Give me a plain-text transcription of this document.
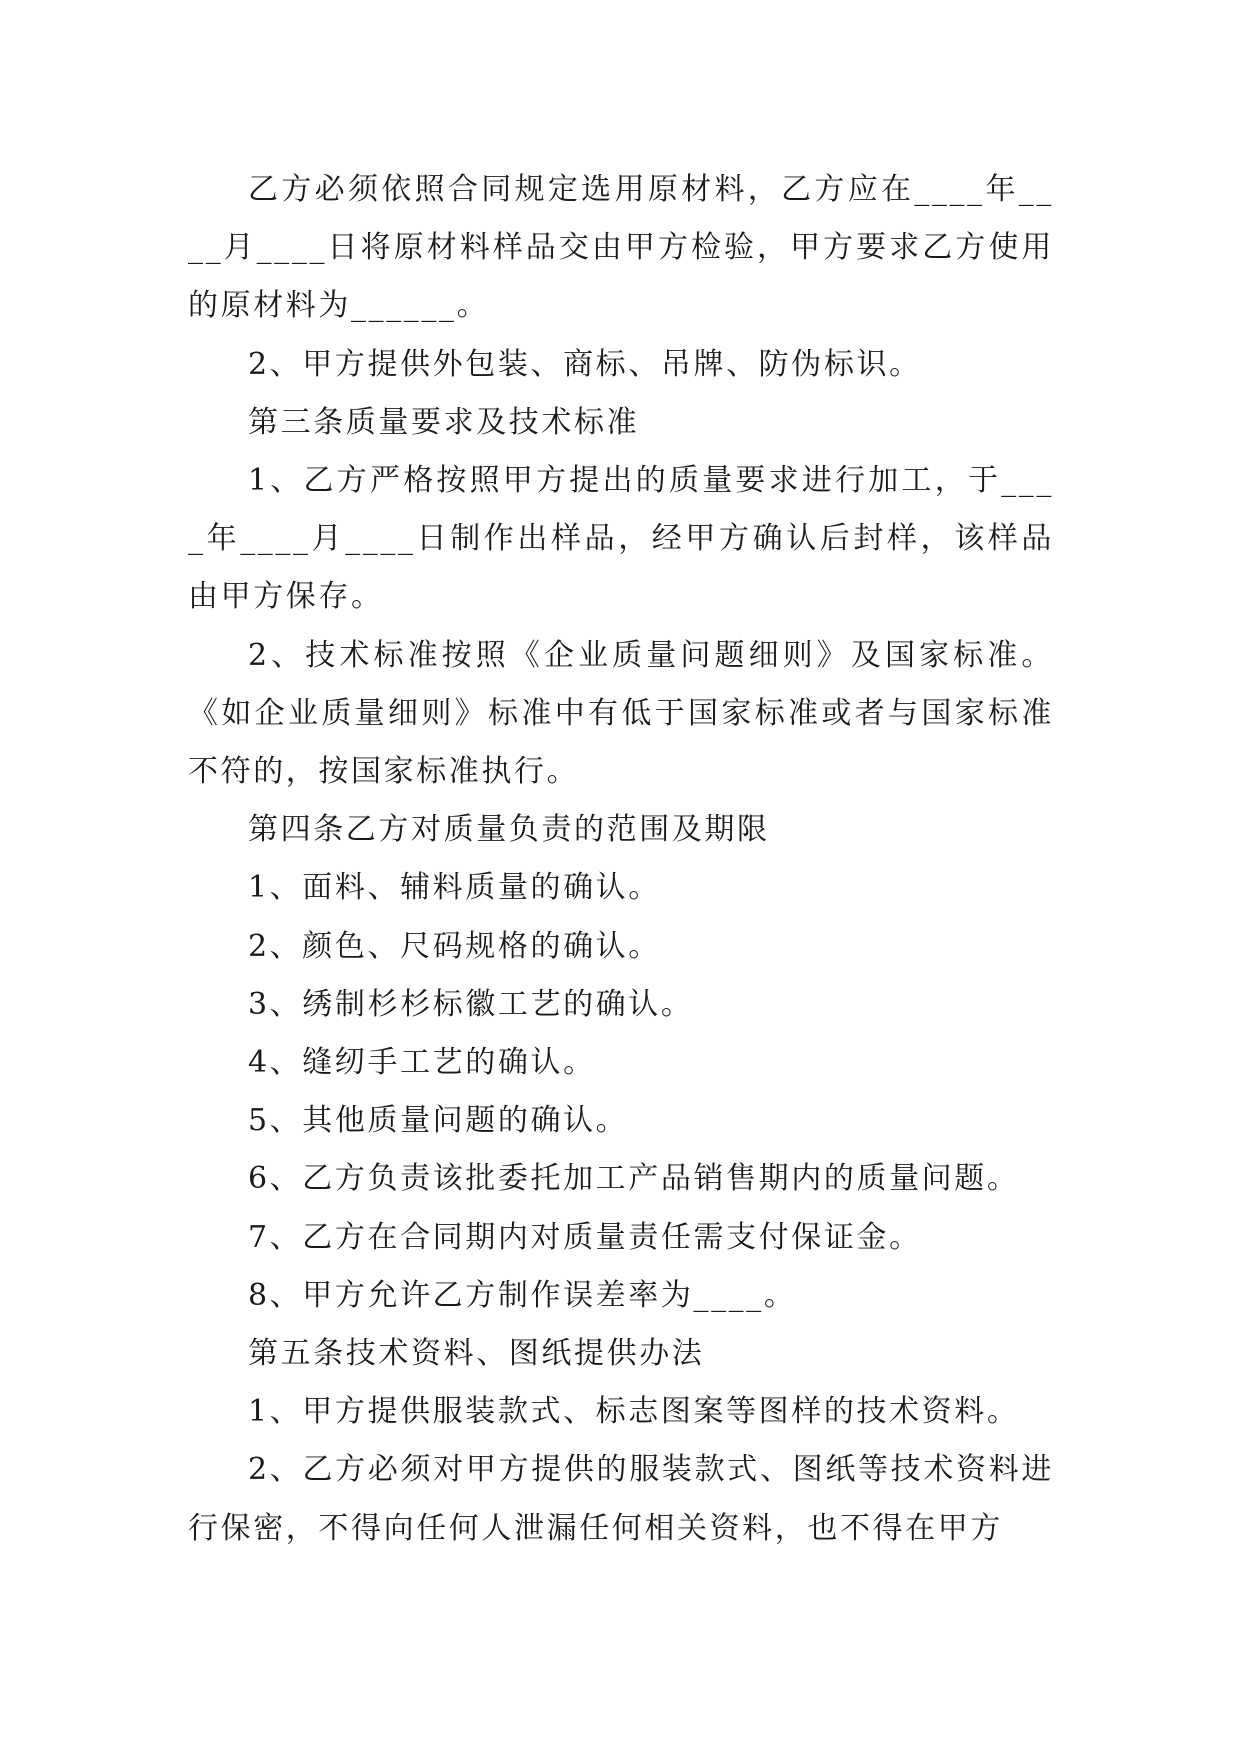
乙方必须依照合同规定选用原材料，乙方应在____年____月____日将原材料样品交由甲方检验，甲方要求乙方使用的原材料为______。

2、甲方提供外包装、商标、吊牌、防伪标识。

第三条质量要求及技术标准

1、乙方严格按照甲方提出的质量要求进行加工，于____年____月____日制作出样品，经甲方确认后封样，该样品由甲方保存。

2、技术标准按照《企业质量问题细则》及国家标准。《如企业质量细则》标准中有低于国家标准或者与国家标准不符的，按国家标准执行。

第四条乙方对质量负责的范围及期限

1、面料、辅料质量的确认。

2、颜色、尺码规格的确认。

3、绣制杉杉标徽工艺的确认。

4、缝纫手工艺的确认。

5、其他质量问题的确认。

6、乙方负责该批委托加工产品销售期内的质量问题。

7、乙方在合同期内对质量责任需支付保证金。

8、甲方允许乙方制作误差率为____。

第五条技术资料、图纸提供办法

1、甲方提供服装款式、标志图案等图样的技术资料。

2、乙方必须对甲方提供的服装款式、图纸等技术资料进行保密，不得向任何人泄漏任何相关资料，也不得在甲方
